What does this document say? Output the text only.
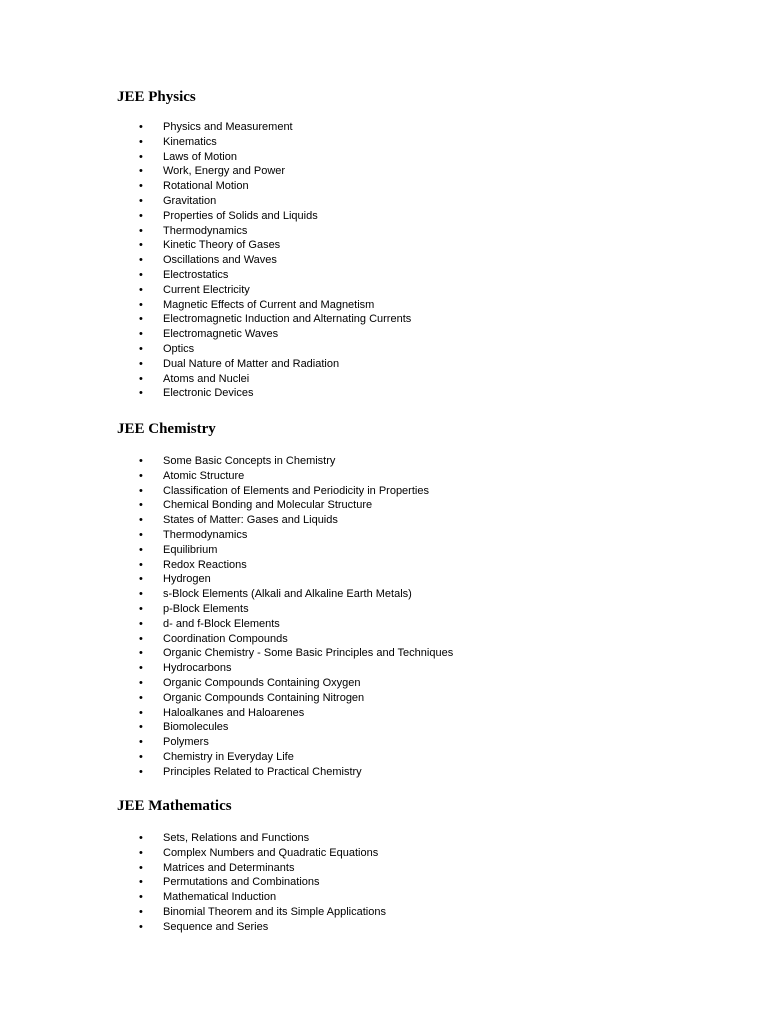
JEE Physics
• Physics and Measurement
• Kinematics
• Laws of Motion
• Work, Energy and Power
• Rotational Motion
• Gravitation
• Properties of Solids and Liquids
• Thermodynamics
• Kinetic Theory of Gases
• Oscillations and Waves
• Electrostatics
• Current Electricity
• Magnetic Effects of Current and Magnetism
• Electromagnetic Induction and Alternating Currents
• Electromagnetic Waves
• Optics
• Dual Nature of Matter and Radiation
• Atoms and Nuclei
• Electronic Devices
JEE Chemistry
• Some Basic Concepts in Chemistry
• Atomic Structure
• Classification of Elements and Periodicity in Properties
• Chemical Bonding and Molecular Structure
• States of Matter: Gases and Liquids
• Thermodynamics
• Equilibrium
• Redox Reactions
• Hydrogen
• s-Block Elements (Alkali and Alkaline Earth Metals)
• p-Block Elements
• d- and f-Block Elements
• Coordination Compounds
• Organic Chemistry - Some Basic Principles and Techniques
• Hydrocarbons
• Organic Compounds Containing Oxygen
• Organic Compounds Containing Nitrogen
• Haloalkanes and Haloarenes
• Biomolecules
• Polymers
• Chemistry in Everyday Life
• Principles Related to Practical Chemistry
JEE Mathematics
• Sets, Relations and Functions
• Complex Numbers and Quadratic Equations
• Matrices and Determinants
• Permutations and Combinations
• Mathematical Induction
• Binomial Theorem and its Simple Applications
• Sequence and Series
